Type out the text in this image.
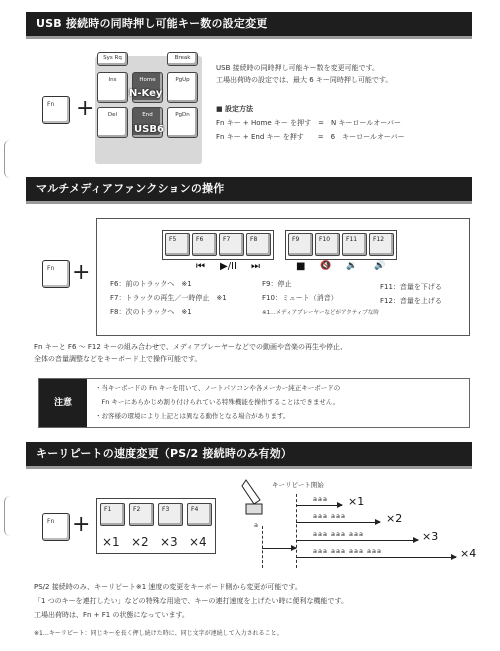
USB 接続時の同時押し可能キー数の設定変更
Fn +
Sys Rq	Break
Ins	Home	PgUp
Del	End	PgDn
N-Key
USB6
USB 接続時の同時押し可能キー数を変更可能です。
工場出荷時の設定では、最大 6 キー同時押し可能です。
■ 設定方法
Fn キー + Home キー を押す　=　N キーロールオーバー
Fn キー + End キー を押す　　=　6　キーロールオーバー
マルチメディアファンクションの操作
Fn +
F5	F6	F7	F8	F9	F10	F11	F12
⏮ ▶/II ⏭	■ 🔇 🔉 🔊
F6：前のトラックへ　※1
F7：トラックの再生／一時停止　※1
F8：次のトラックへ　※1
F9：停止
F10：ミュート（消音）
F11：音量を下げる
F12：音量を上げる
※1…メディアプレーヤーなどがアクティブな時
Fn キーと F6 〜 F12 キーの組み合わせで、メディアプレーヤーなどでの動画や音楽の再生や停止、
全体の音量調整などをキーボード上で操作可能です。
注意
・当キーボードの Fn キーを用いて、ノートパソコンや各メーカー純正キーボードの
　Fn キーにあらかじめ割り付けられている特殊機能を操作することはできません。
・お客様の環境により上記とは異なる動作となる場合があります。
キーリピートの速度変更（PS/2 接続時のみ有効）
Fn +
F1	F2	F3	F4
×1 ×2 ×3 ×4
a
キーリピート開始
aaa ×1
aaa aaa	×2
aaa aaa aaa	×3
aaa aaa aaa aaa	×4
PS/2 接続時のみ、キーリピート※1 速度の変更をキーボード側から変更が可能です。
「1 つのキーを連打したい」などの特殊な用途で、キーの連打速度を上げたい時に便利な機能です。
工場出荷時は、Fn + F1 の状態になっています。
※1…キーリピート：同じキーを長く押し続けた時に、同じ文字が連続して入力されること。
